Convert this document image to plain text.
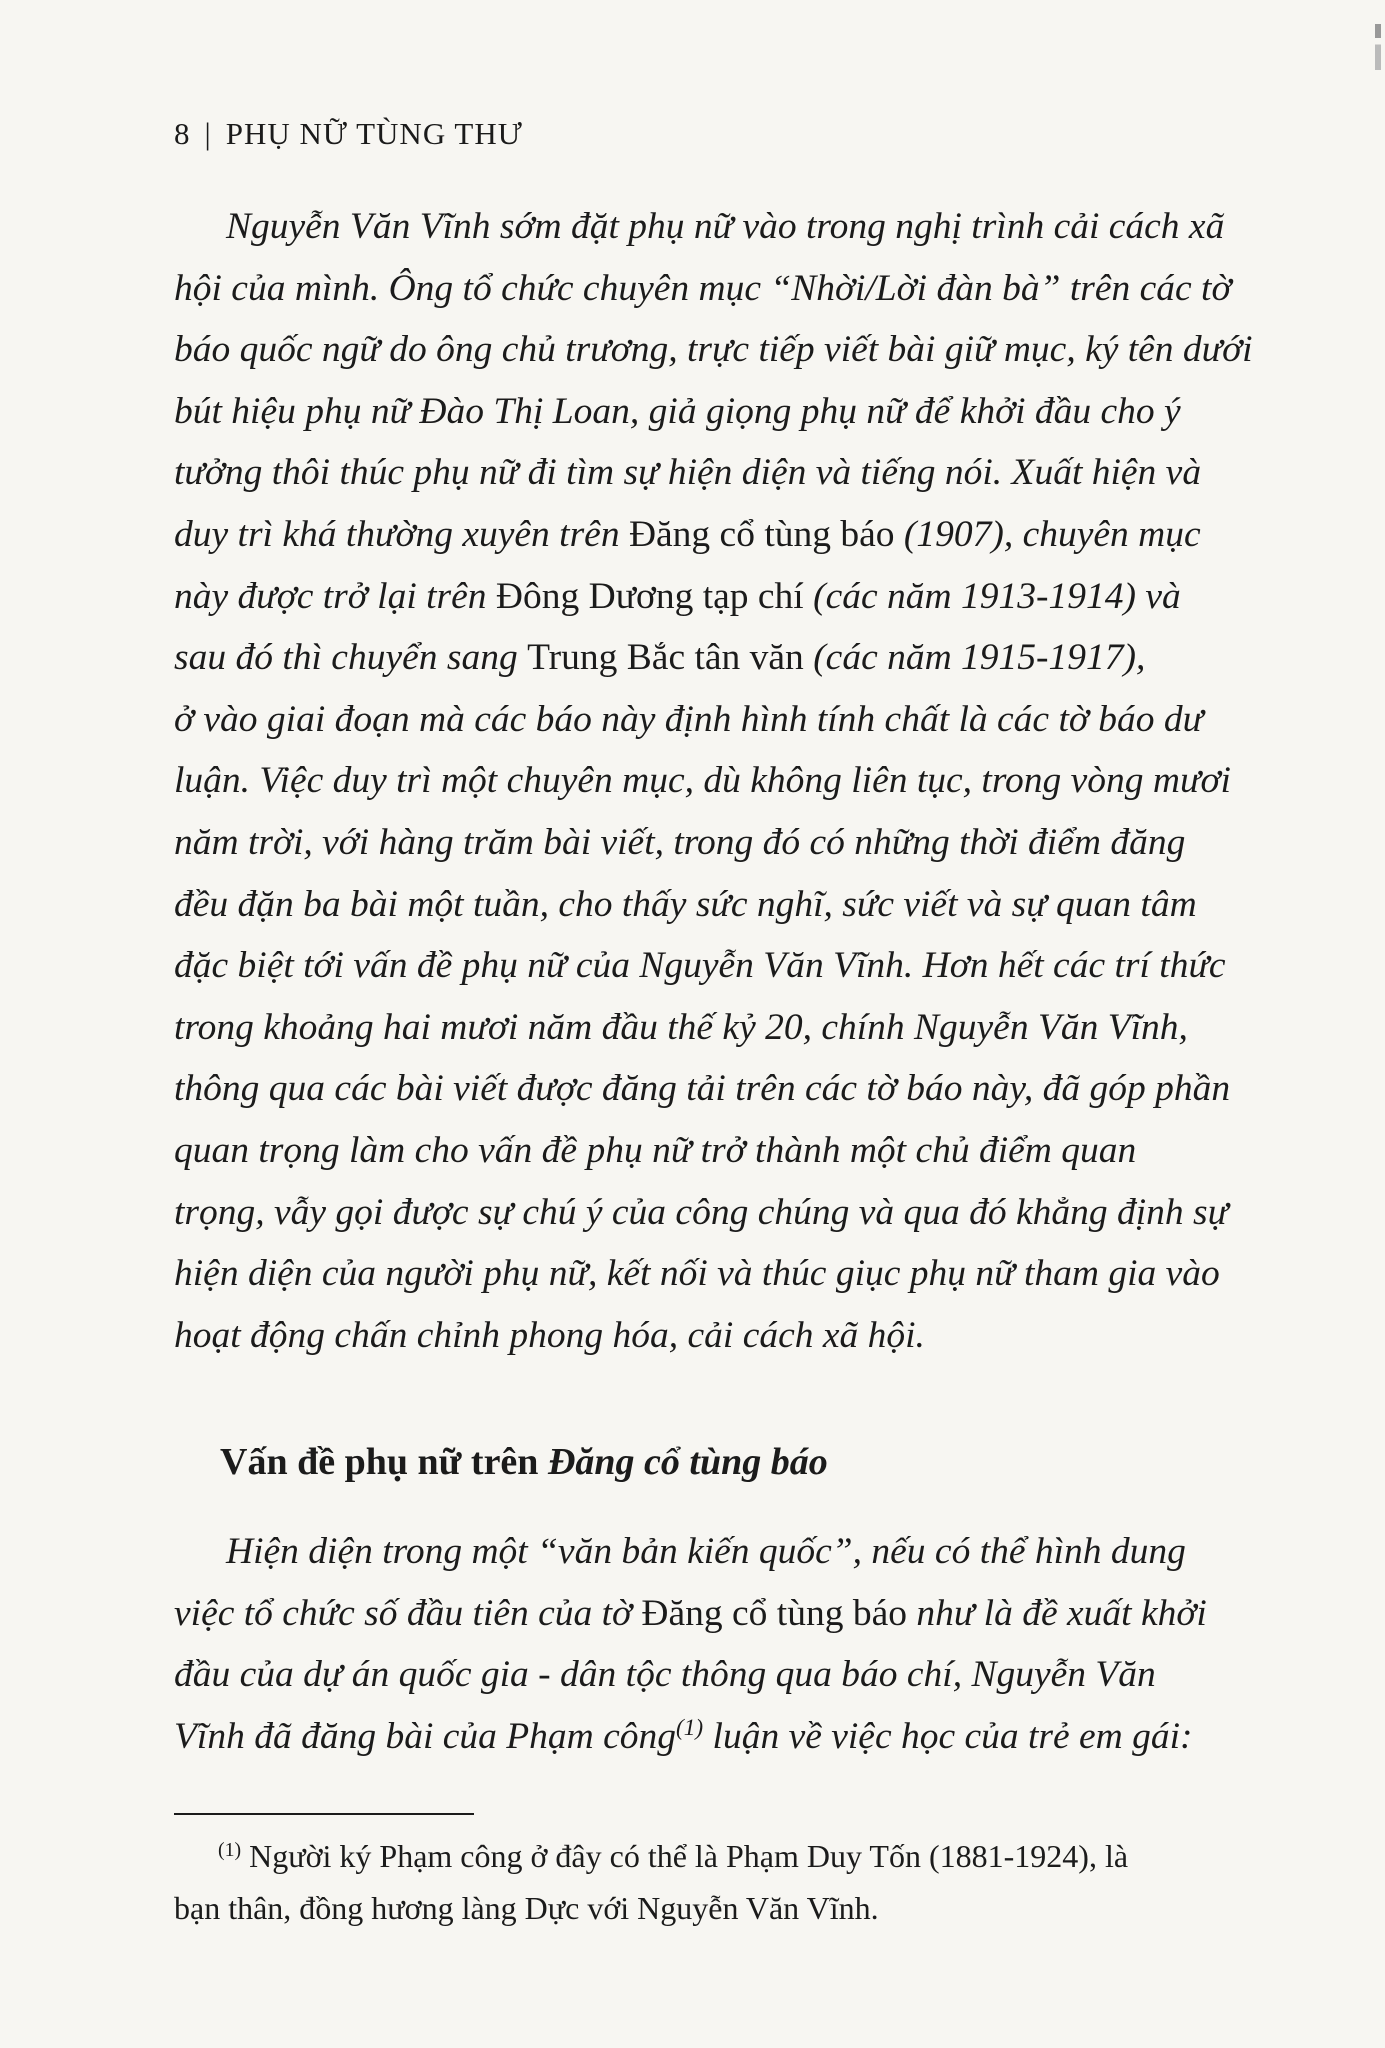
8 | PHỤ NỮ TÙNG THƯ
Nguyễn Văn Vĩnh sớm đặt phụ nữ vào trong nghị trình cải cách xã
hội của mình. Ông tổ chức chuyên mục “Nhời/Lời đàn bà” trên các tờ
báo quốc ngữ do ông chủ trương, trực tiếp viết bài giữ mục, ký tên dưới
bút hiệu phụ nữ Đào Thị Loan, giả giọng phụ nữ để khởi đầu cho ý
tưởng thôi thúc phụ nữ đi tìm sự hiện diện và tiếng nói. Xuất hiện và
duy trì khá thường xuyên trên Đăng cổ tùng báo (1907), chuyên mục
này được trở lại trên Đông Dương tạp chí (các năm 1913-1914) và
sau đó thì chuyển sang Trung Bắc tân văn (các năm 1915-1917),
ở vào giai đoạn mà các báo này định hình tính chất là các tờ báo dư
luận. Việc duy trì một chuyên mục, dù không liên tục, trong vòng mươi
năm trời, với hàng trăm bài viết, trong đó có những thời điểm đăng
đều đặn ba bài một tuần, cho thấy sức nghĩ, sức viết và sự quan tâm
đặc biệt tới vấn đề phụ nữ của Nguyễn Văn Vĩnh. Hơn hết các trí thức
trong khoảng hai mươi năm đầu thế kỷ 20, chính Nguyễn Văn Vĩnh,
thông qua các bài viết được đăng tải trên các tờ báo này, đã góp phần
quan trọng làm cho vấn đề phụ nữ trở thành một chủ điểm quan
trọng, vẫy gọi được sự chú ý của công chúng và qua đó khẳng định sự
hiện diện của người phụ nữ, kết nối và thúc giục phụ nữ tham gia vào
hoạt động chấn chỉnh phong hóa, cải cách xã hội.
Vấn đề phụ nữ trên Đăng cổ tùng báo
Hiện diện trong một “văn bản kiến quốc”, nếu có thể hình dung
việc tổ chức số đầu tiên của tờ Đăng cổ tùng báo như là đề xuất khởi
đầu của dự án quốc gia - dân tộc thông qua báo chí, Nguyễn Văn
Vĩnh đã đăng bài của Phạm công$^{(1)}$ luận về việc học của trẻ em gái:
$^{(1)}$ Người ký Phạm công ở đây có thể là Phạm Duy Tốn (1881-1924), là
bạn thân, đồng hương làng Dực với Nguyễn Văn Vĩnh.
